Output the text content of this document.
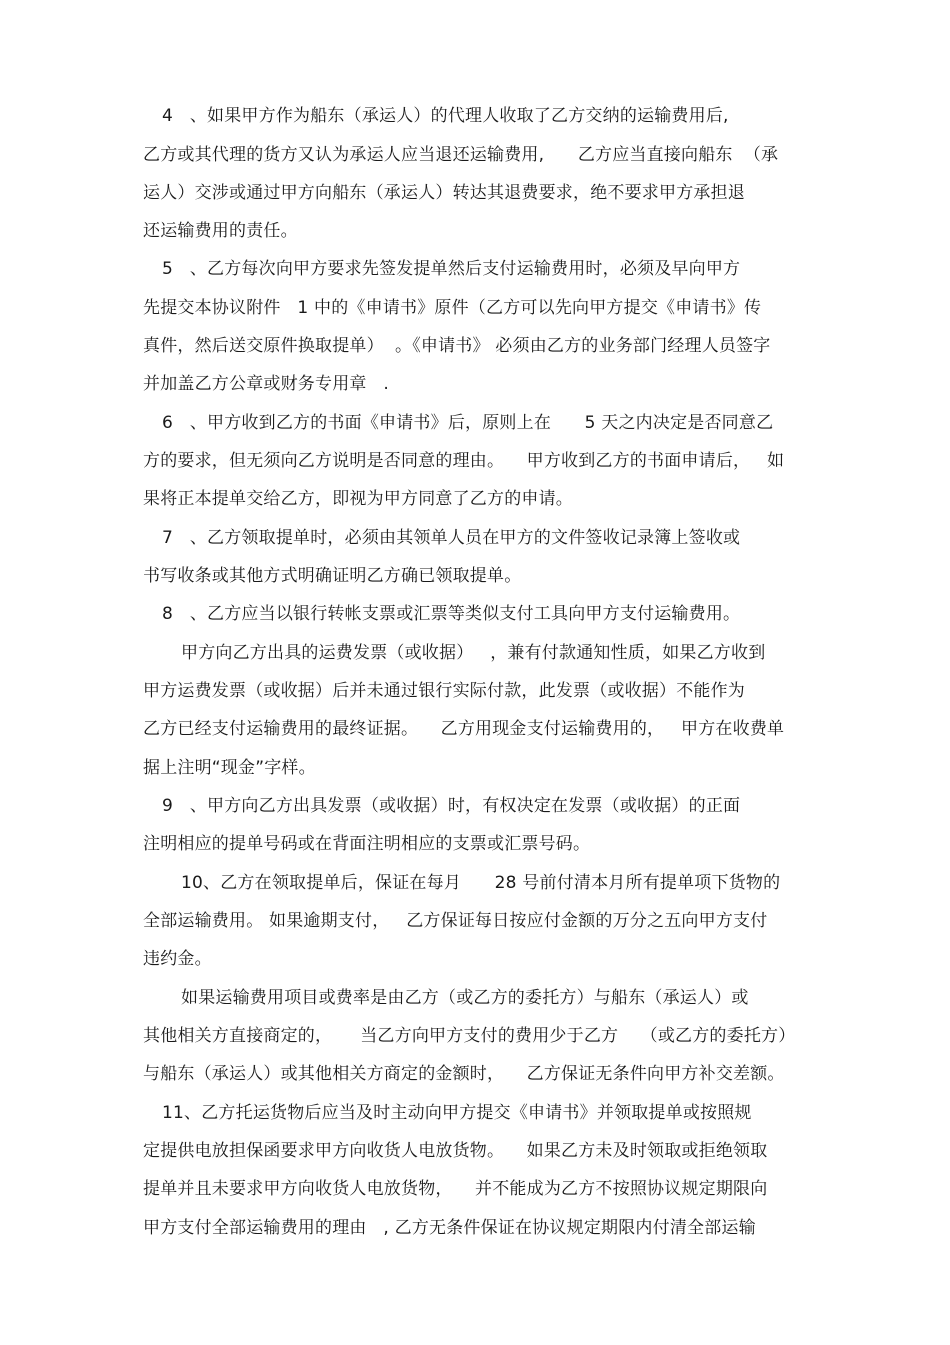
4   、如果甲方作为船东（承运人）的代理人收取了乙方交纳的运输费用后,
乙方或其代理的货方又认为承运人应当退还运输费用,      乙方应当直接向船东  （承
运人）交涉或通过甲方向船东（承运人）转达其退费要求，绝不要求甲方承担退
还运输费用的责任。
5   、乙方每次向甲方要求先签发提单然后支付运输费用时，必须及早向甲方
先提交本协议附件   1 中的《申请书》原件（乙方可以先向甲方提交《申请书》传
真件，然后送交原件换取提单）  。《申请书》 必须由乙方的业务部门经理人员签字
并加盖乙方公章或财务专用章   .
6   、甲方收到乙方的书面《申请书》后，原则上在      5 天之内决定是否同意乙
方的要求，但无须向乙方说明是否同意的理由。    甲方收到乙方的书面申请后，   如
果将正本提单交给乙方，即视为甲方同意了乙方的申请。
7   、乙方领取提单时，必须由其领单人员在甲方的文件签收记录簿上签收或
书写收条或其他方式明确证明乙方确已领取提单。
8   、乙方应当以银行转帐支票或汇票等类似支付工具向甲方支付运输费用。
甲方向乙方出具的运费发票（或收据）   ，兼有付款通知性质，如果乙方收到
甲方运费发票（或收据）后并未通过银行实际付款，此发票（或收据）不能作为
乙方已经支付运输费用的最终证据。    乙方用现金支付运输费用的，   甲方在收费单
据上注明“现金”字样。
9   、甲方向乙方出具发票（或收据）时，有权决定在发票（或收据）的正面
注明相应的提单号码或在背面注明相应的支票或汇票号码。
10、乙方在领取提单后，保证在每月      28 号前付清本月所有提单项下货物的
全部运输费用。 如果逾期支付，   乙方保证每日按应付金额的万分之五向甲方支付
违约金。
如果运输费用项目或费率是由乙方（或乙方的委托方）与船东（承运人）或
其他相关方直接商定的，     当乙方向甲方支付的费用少于乙方    （或乙方的委托方）
与船东（承运人）或其他相关方商定的金额时，    乙方保证无条件向甲方补交差额。
11、乙方托运货物后应当及时主动向甲方提交《申请书》并领取提单或按照规
定提供电放担保函要求甲方向收货人电放货物。    如果乙方未及时领取或拒绝领取
提单并且未要求甲方向收货人电放货物，    并不能成为乙方不按照协议规定期限向
甲方支付全部运输费用的理由   , 乙方无条件保证在协议规定期限内付清全部运输
